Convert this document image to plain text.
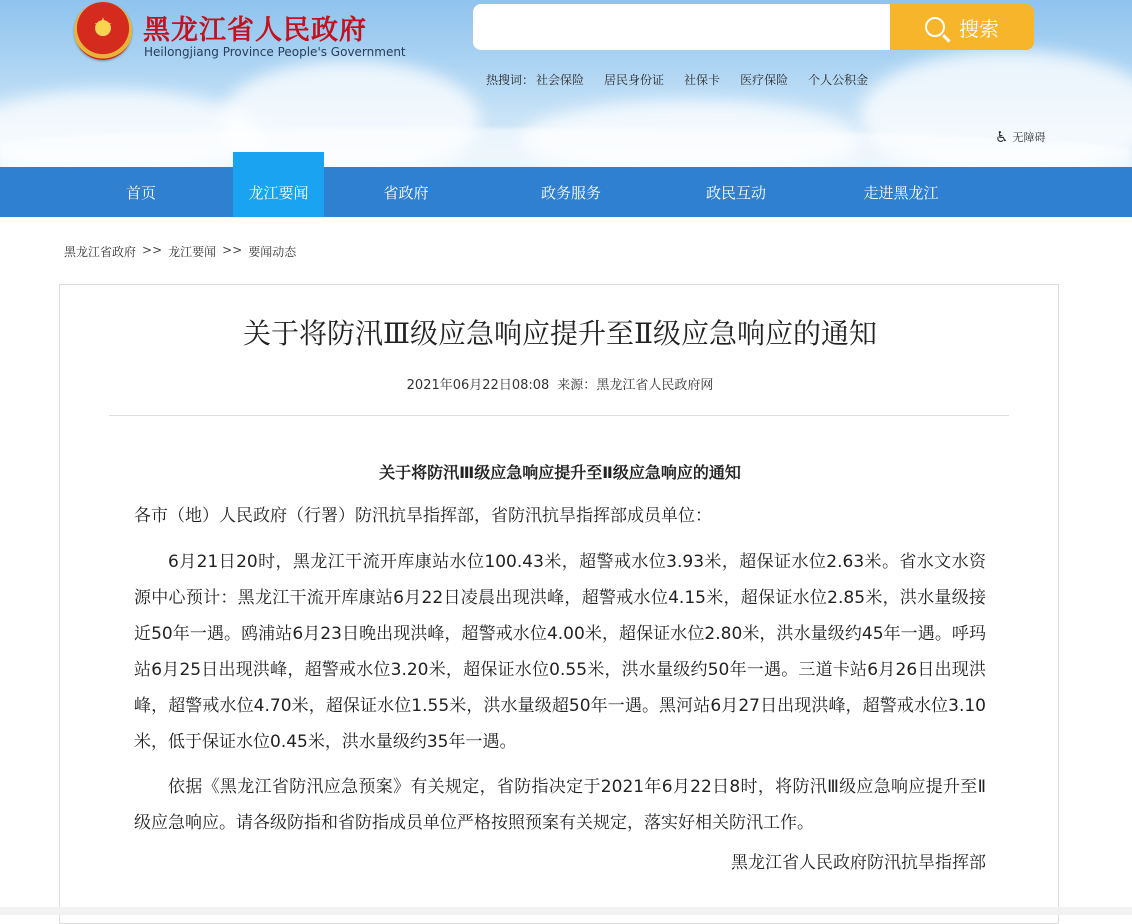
★	黑龙江省人民政府
Heilongjiang Province People's Government
搜索
热搜词： 社会保险 居民身份证 社保卡 医疗保险 个人公积金
♿ 无障碍
首页	龙江要闻	省政府	政务服务	政民互动	走进黑龙江
黑龙江省政府 >> 龙江要闻 >> 要闻动态
关于将防汛Ⅲ级应急响应提升至Ⅱ级应急响应的通知
2021年06月22日08:08 来源：黑龙江省人民政府网
关于将防汛Ⅲ级应急响应提升至Ⅱ级应急响应的通知

各市（地）人民政府（行署）防汛抗旱指挥部，省防汛抗旱指挥部成员单位：

6月21日20时，黑龙江干流开库康站水位100.43米，超警戒水位3.93米，超保证水位2.63米。省水文水资源中心预计：黑龙江干流开库康站6月22日凌晨出现洪峰，超警戒水位4.15米，超保证水位2.85米，洪水量级接近50年一遇。鸥浦站6月23日晚出现洪峰，超警戒水位4.00米，超保证水位2.80米，洪水量级约45年一遇。呼玛站6月25日出现洪峰，超警戒水位3.20米，超保证水位0.55米，洪水量级约50年一遇。三道卡站6月26日出现洪峰，超警戒水位4.70米，超保证水位1.55米，洪水量级超50年一遇。黑河站6月27日出现洪峰，超警戒水位3.10米，低于保证水位0.45米，洪水量级约35年一遇。

依据《黑龙江省防汛应急预案》有关规定，省防指决定于2021年6月22日8时，将防汛Ⅲ级应急响应提升至Ⅱ级应急响应。请各级防指和省防指成员单位严格按照预案有关规定，落实好相关防汛工作。

黑龙江省人民政府防汛抗旱指挥部
